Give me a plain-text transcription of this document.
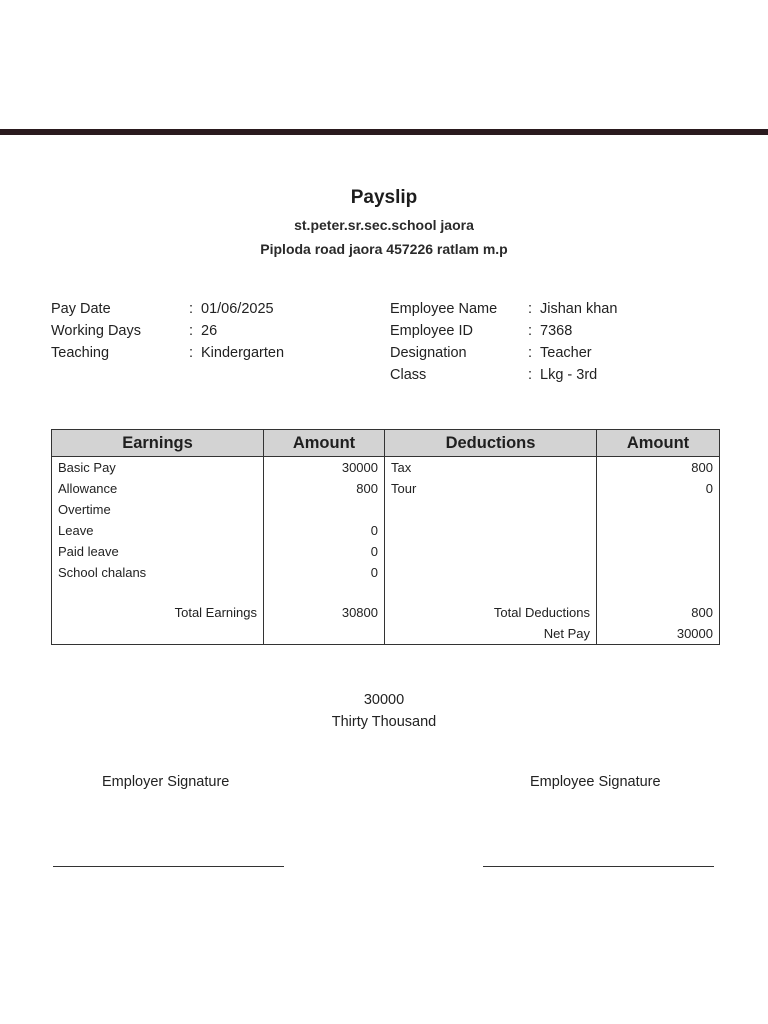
Payslip
st.peter.sr.sec.school jaora
Piploda road jaora 457226 ratlam m.p
Pay Date	: 01/06/2025
Working Days	: 26
Teaching	: Kindergarten
Employee Name : Jishan khan
Employee ID	: 7368
Designation	: Teacher
Class	: Lkg - 3rd
Earnings	Amount	Deductions	Amount
Basic Pay	30000	Tax	800
Allowance	800	Tour	0
Overtime			
Leave	0		
Paid leave	0		
School chalans	0		

Total Earnings	30800	Total Deductions	800
		Net Pay	30000
30000
Thirty Thousand
Employer Signature	Employee Signature
